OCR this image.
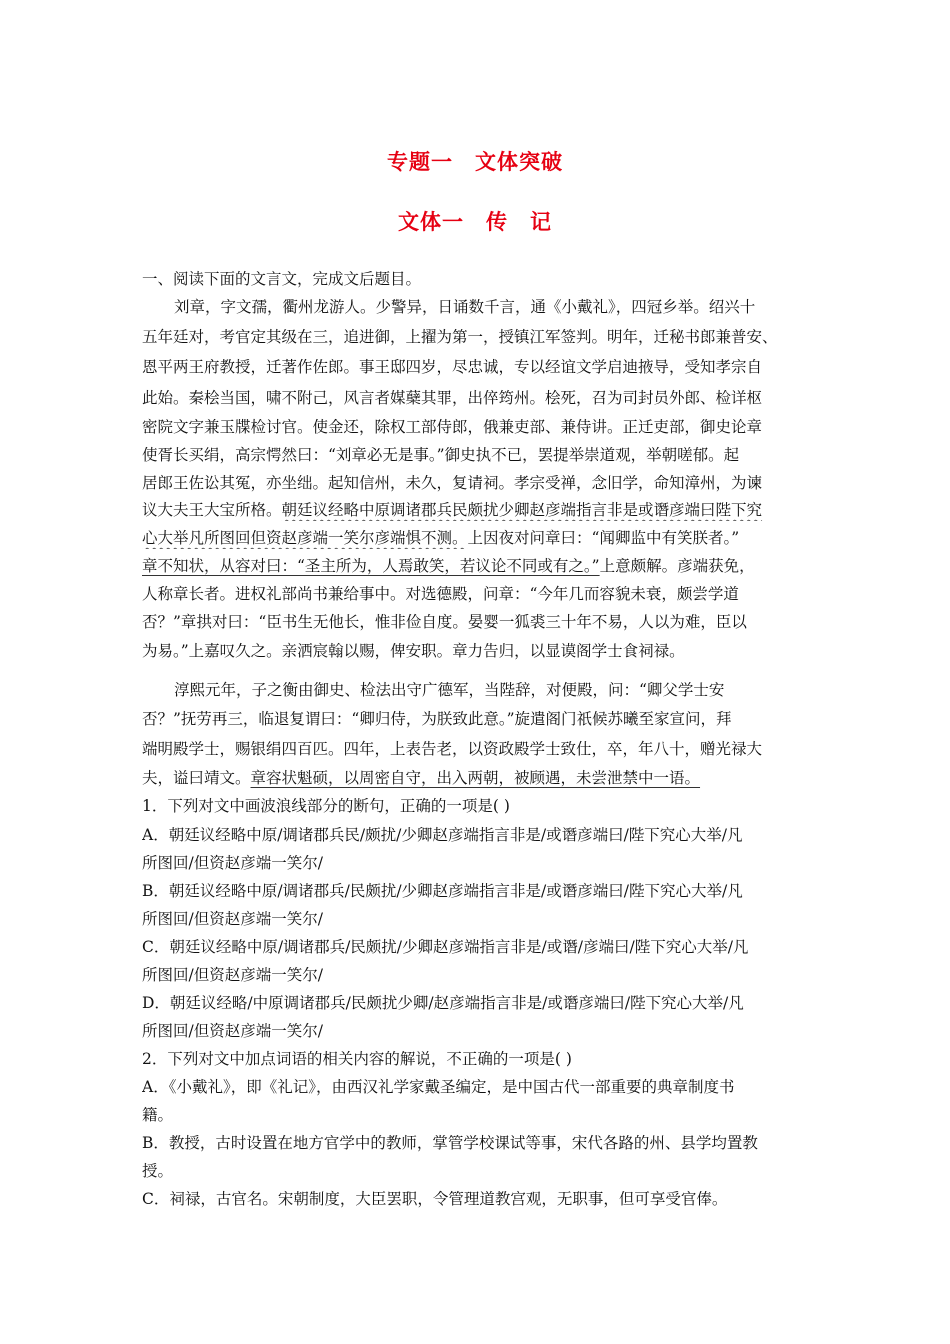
专题一 文体突破
文体一 传 记
一、阅读下面的文言文，完成文后题目。
刘章，字文孺，衢州龙游人。少警异，日诵数千言，通《小戴礼》，四冠乡举。绍兴十
五年廷对，考官定其级在三，追进御，上擢为第一，授镇江军签判。明年，迁秘书郎兼普安、
恩平两王府教授，迁著作佐郎。事王邸四岁，尽忠诚，专以经谊文学启迪掖导，受知孝宗自
此始。秦桧当国，啸不附己，风言者媒蘖其罪，出倅筠州。桧死，召为司封员外郎、检详枢
密院文字兼玉牒检讨官。使金还，除权工部侍郎，俄兼吏部、兼侍讲。正迁吏部，御史论章
使胥长买绢，高宗愕然曰：“刘章必无是事。”御史执不已，罢提举崇道观，举朝嗟郁。起
居郎王佐讼其冤，亦坐绌。起知信州，未久，复请祠。孝宗受禅，念旧学，命知漳州，为谏
议大夫王大宝所格。朝廷议经略中原调诸郡兵民颇扰少卿赵彦端指言非是或谮彦端曰陛下究
心大举凡所图回但资赵彦端一笑尔彦端惧不测。上因夜对问章曰：“闻卿监中有笑朕者。”
章不知状，从容对曰：“圣主所为，人焉敢笑，若议论不同或有之。”上意颇解。彦端获免，
人称章长者。进权礼部尚书兼给事中。对选德殿，问章：“今年几而容貌未衰，颇尝学道
否？”章拱对曰：“臣书生无他长，惟非俭自度。晏婴一狐裘三十年不易，人以为难，臣以
为易。”上嘉叹久之。亲洒宸翰以赐，俾安职。章力告归，以显谟阁学士食祠禄。
淳熙元年，子之衡由御史、检法出守广德军，当陛辞，对便殿，问：“卿父学士安
否？”抚劳再三，临退复谓曰：“卿归侍，为朕致此意。”旋遣阁门祇候苏曦至家宣问，拜
端明殿学士，赐银绢四百匹。四年，上表告老，以资政殿学士致仕，卒，年八十，赠光禄大
夫，谥曰靖文。章容状魁硕，以周密自守，出入两朝，被顾遇，未尝泄禁中一语。
1．下列对文中画波浪线部分的断句，正确的一项是( )
A．朝廷议经略中原/调诸郡兵民/颇扰/少卿赵彦端指言非是/或谮彦端曰/陛下究心大举/凡
所图回/但资赵彦端一笑尔/
B．朝廷议经略中原/调诸郡兵/民颇扰/少卿赵彦端指言非是/或谮彦端曰/陛下究心大举/凡
所图回/但资赵彦端一笑尔/
C．朝廷议经略中原/调诸郡兵/民颇扰/少卿赵彦端指言非是/或谮/彦端曰/陛下究心大举/凡
所图回/但资赵彦端一笑尔/
D．朝廷议经略/中原调诸郡兵/民颇扰少卿/赵彦端指言非是/或谮彦端曰/陛下究心大举/凡
所图回/但资赵彦端一笑尔/
2．下列对文中加点词语的相关内容的解说，不正确的一项是( )
A．《小戴礼》，即《礼记》，由西汉礼学家戴圣编定，是中国古代一部重要的典章制度书
籍。
B．教授，古时设置在地方官学中的教师，掌管学校课试等事，宋代各路的州、县学均置教
授。
C．祠禄，古官名。宋朝制度，大臣罢职，令管理道教宫观，无职事，但可享受官俸。
